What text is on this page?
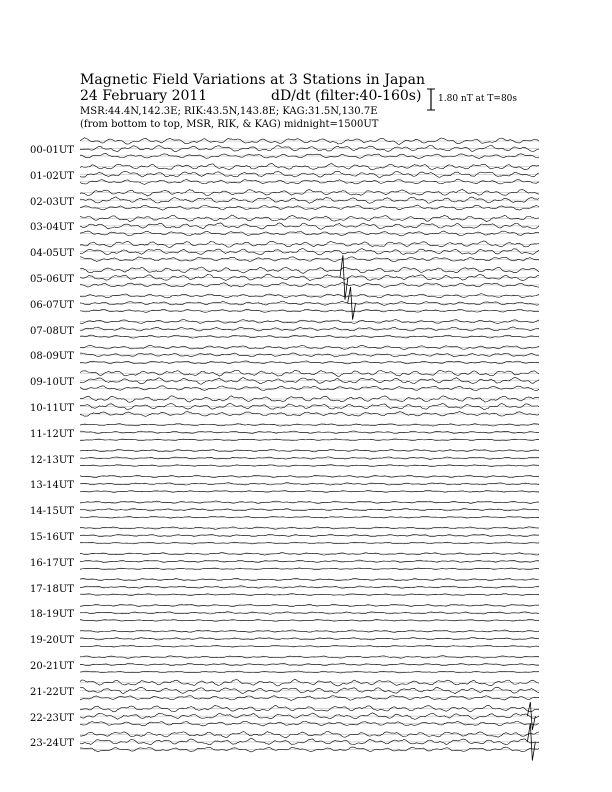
Magnetic Field Variations at 3 Stations in Japan
24 February 2011	dD/dt (filter:40-160s)
MSR:44.4N,142.3E; RIK:43.5N,143.8E; KAG:31.5N,130.7E
(from bottom to top, MSR, RIK, & KAG) midnight=1500UT
1.80 nT at T=80s
00-01UT
01-02UT
02-03UT
03-04UT
04-05UT
05-06UT
06-07UT
07-08UT
08-09UT
09-10UT
10-11UT
11-12UT
12-13UT
13-14UT
14-15UT
15-16UT
16-17UT
17-18UT
18-19UT
19-20UT
20-21UT
21-22UT
22-23UT
23-24UT
